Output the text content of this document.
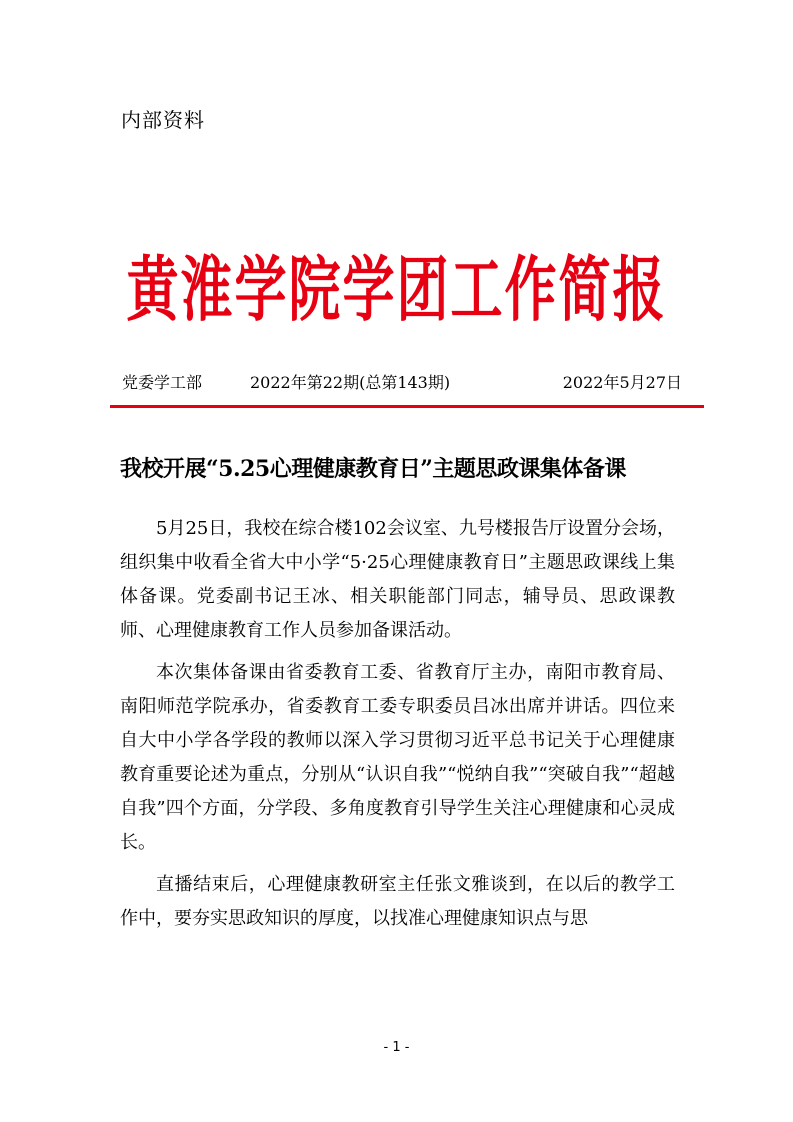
内部资料
黄淮学院学团工作简报
党委学工部	2022年第22期(总第143期)	2022年5月27日
我校开展“5.25心理健康教育日”主题思政课集体备课

5月25日，我校在综合楼102会议室、九号楼报告厅设置分会场，组织集中收看全省大中小学“5·25心理健康教育日”主题思政课线上集体备课。党委副书记王冰、相关职能部门同志，辅导员、思政课教师、心理健康教育工作人员参加备课活动。

本次集体备课由省委教育工委、省教育厅主办，南阳市教育局、南阳师范学院承办，省委教育工委专职委员吕冰出席并讲话。四位来自大中小学各学段的教师以深入学习贯彻习近平总书记关于心理健康教育重要论述为重点，分别从“认识自我”“悦纳自我”“突破自我”“超越自我”四个方面，分学段、多角度教育引导学生关注心理健康和心灵成长。

直播结束后，心理健康教研室主任张文雅谈到，在以后的教学工作中，要夯实思政知识的厚度，以找准心理健康知识点与思

- 1 -
